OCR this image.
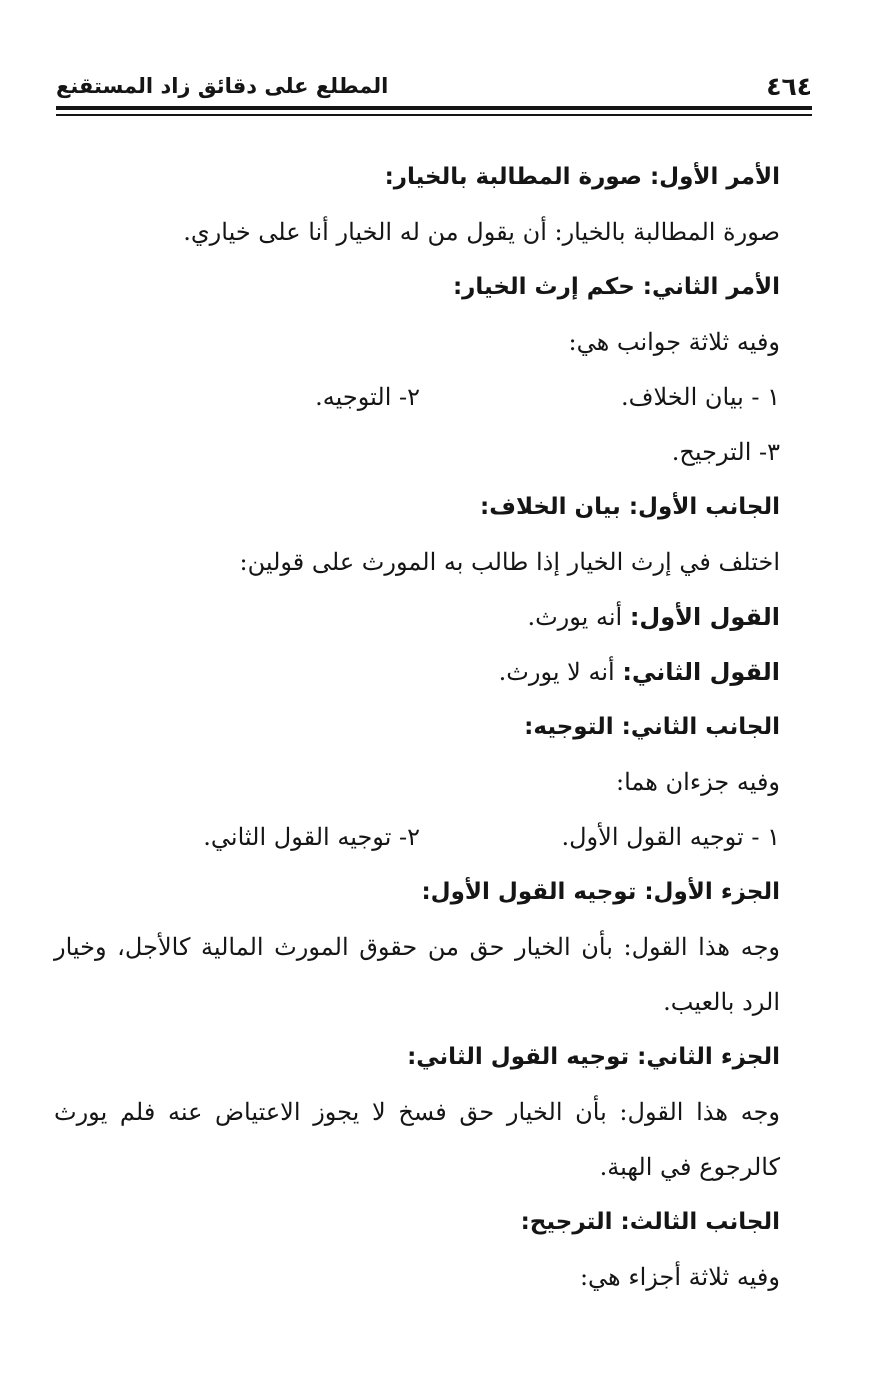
٤٦٤
المطلع على دقائق زاد المستقنع
الأمر الأول: صورة المطالبة بالخيار:
صورة المطالبة بالخيار: أن يقول من له الخيار أنا على خياري.
الأمر الثاني: حكم إرث الخيار:
وفيه ثلاثة جوانب هي:
١ - بيان الخلاف.
٢- التوجيه.
٣- الترجيح.
الجانب الأول: بيان الخلاف:
اختلف في إرث الخيار إذا طالب به المورث على قولين:
القول الأول: أنه يورث.
القول الثاني: أنه لا يورث.
الجانب الثاني: التوجيه:
وفيه جزءان هما:
١ - توجيه القول الأول.
٢- توجيه القول الثاني.
الجزء الأول: توجيه القول الأول:
وجه هذا القول: بأن الخيار حق من حقوق المورث المالية كالأجل، وخيار
الرد بالعيب.
الجزء الثاني: توجيه القول الثاني:
وجه هذا القول: بأن الخيار حق فسخ لا يجوز الاعتياض عنه فلم يورث
كالرجوع في الهبة.
الجانب الثالث: الترجيح:
وفيه ثلاثة أجزاء هي:
